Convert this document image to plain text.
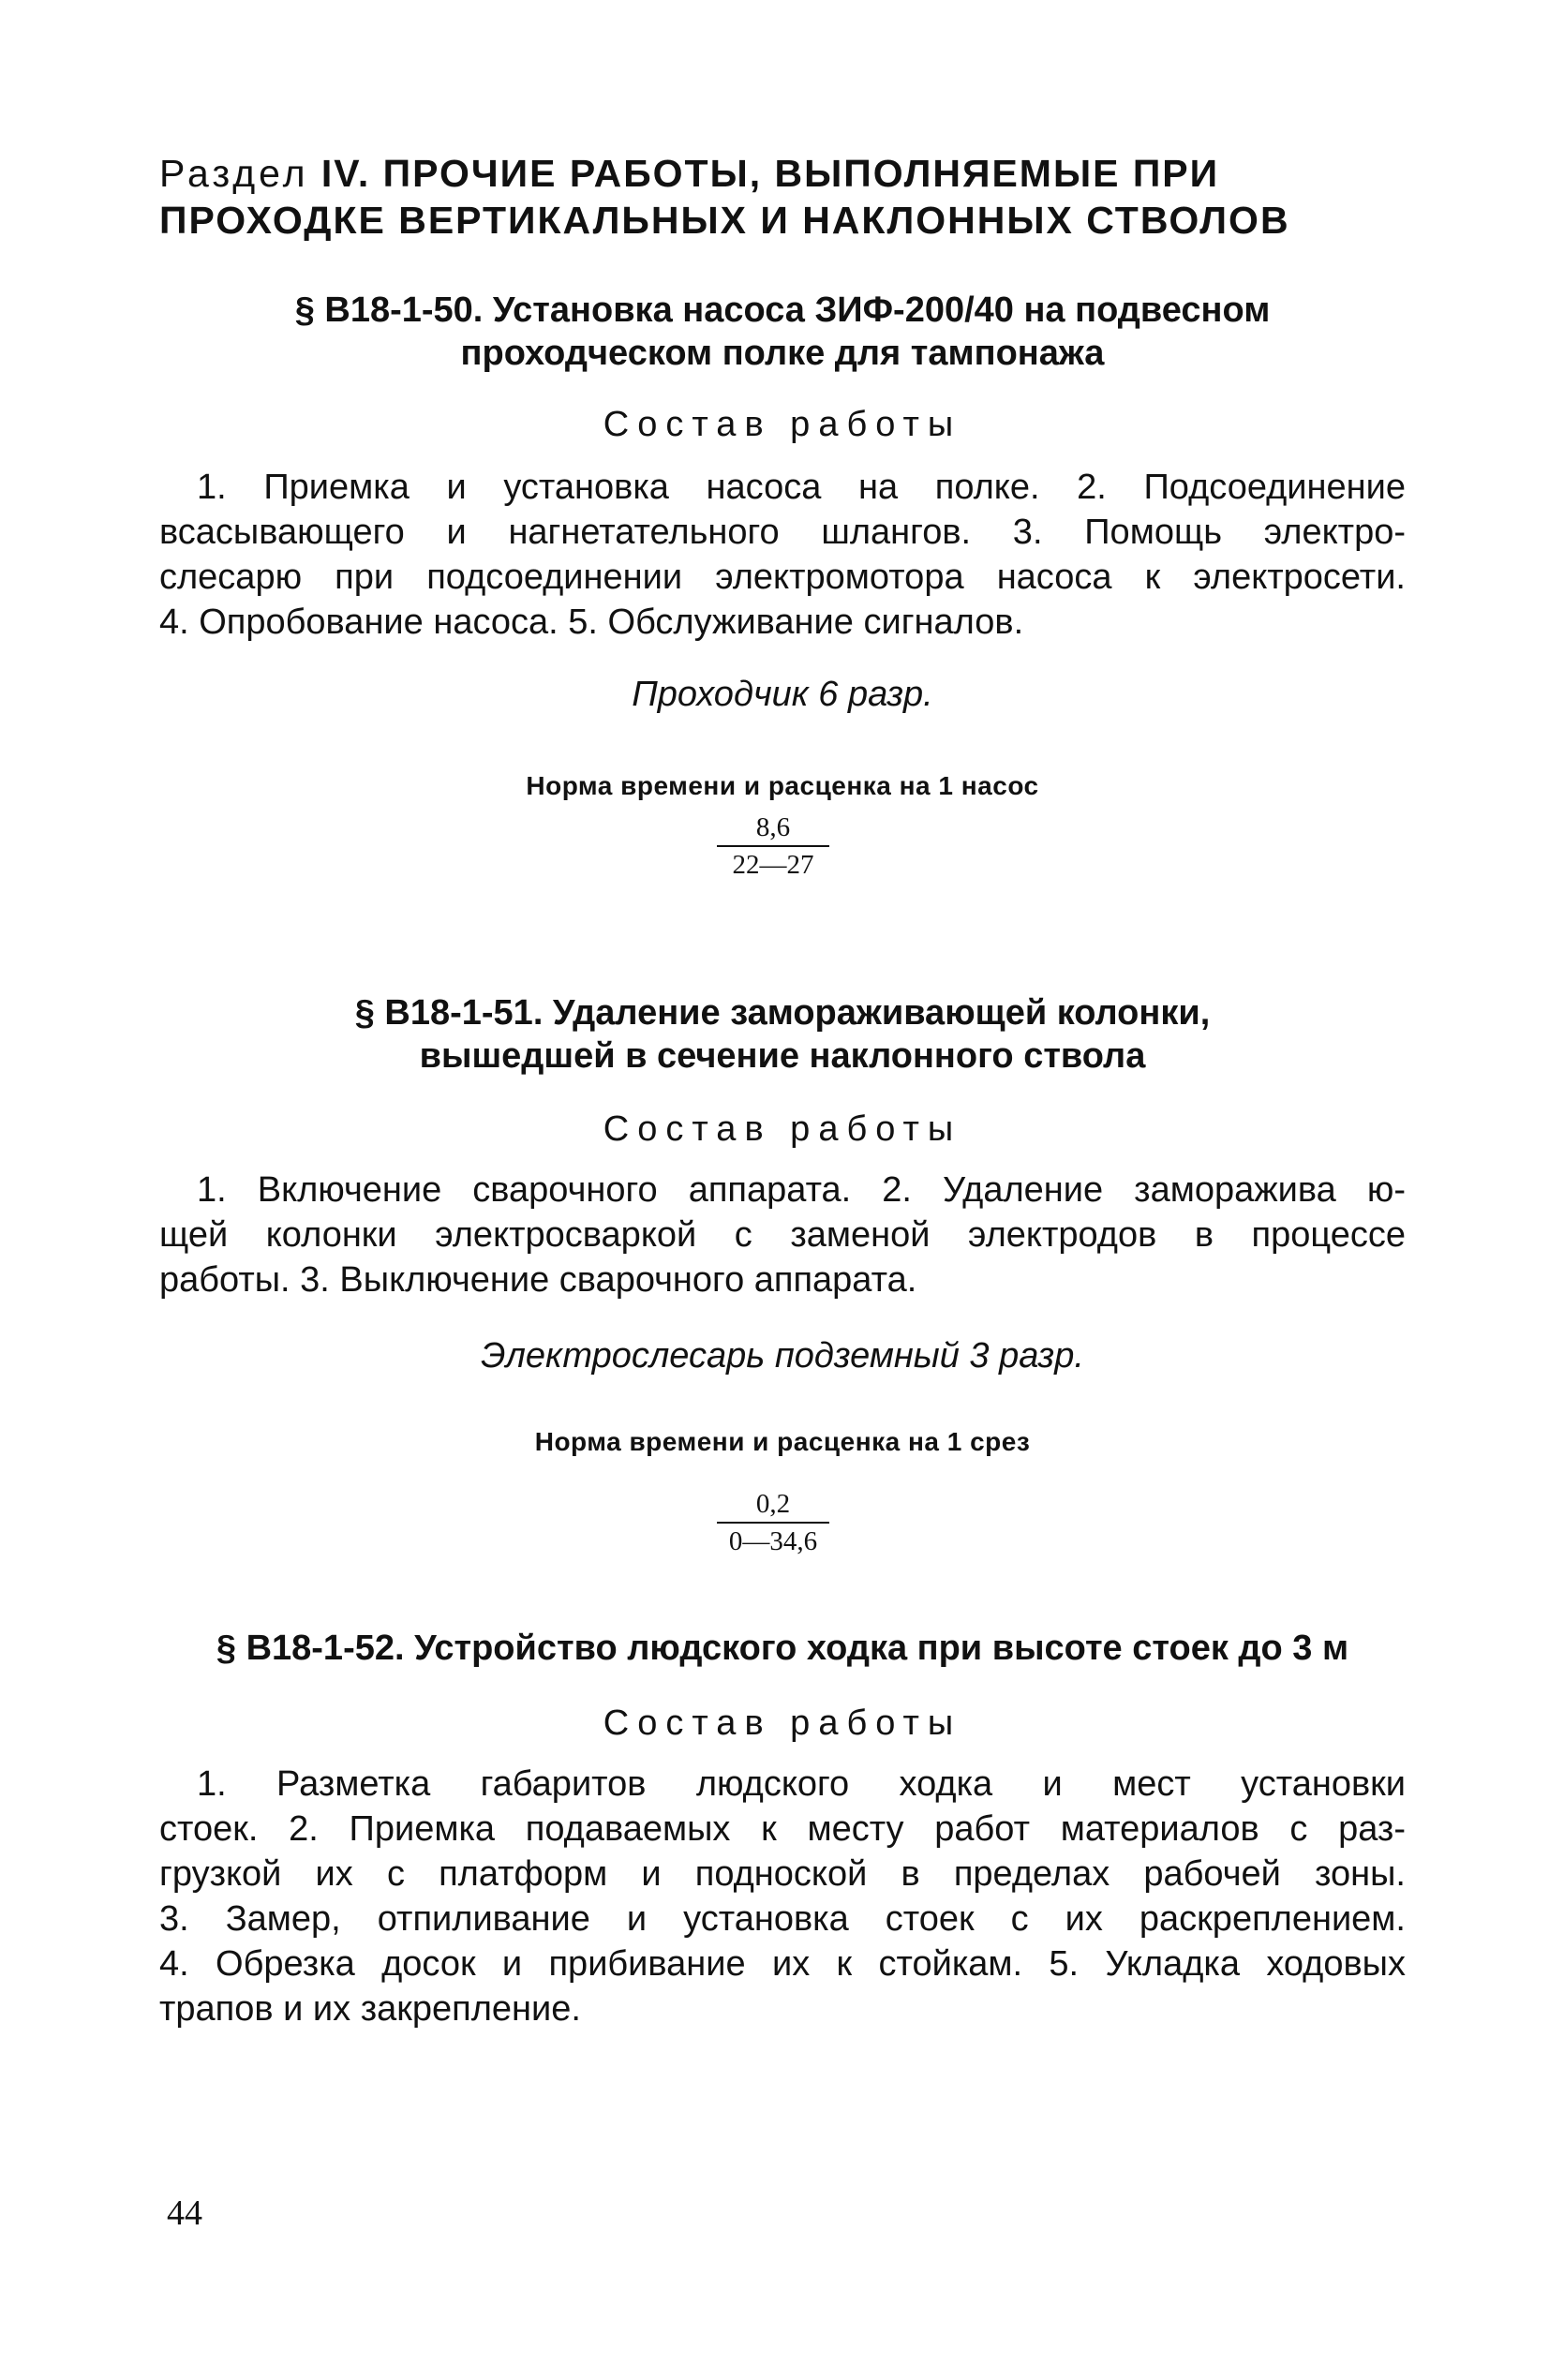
Раздел IV. ПРОЧИЕ РАБОТЫ, ВЫПОЛНЯЕМЫЕ ПРИ
ПРОХОДКЕ ВЕРТИКАЛЬНЫХ И НАКЛОННЫХ СТВОЛОВ
§ В18-1-50. Установка насоса ЗИФ-200/40 на подвесном
проходческом полке для тампонажа
Состав работы
1. Приемка и установка насоса на полке. 2. Подсоединение
всасывающего и нагнетательного шлангов. 3. Помощь электро-
слесарю при подсоединении электромотора насоса к электросети.
4. Опробование насоса. 5. Обслуживание сигналов.
Проходчик 6 разр.
Норма времени и расценка на 1 насос
$\frac{8,6}{22—27}$
§ В18-1-51. Удаление замораживающей колонки,
вышедшей в сечение наклонного ствола
Состав работы
1. Включение сварочного аппарата. 2. Удаление заморажива ю-
щей колонки электросваркой с заменой электродов в процессе
работы. 3. Выключение сварочного аппарата.
Электрослесарь подземный 3 разр.
Норма времени и расценка на 1 срез
$\frac{0,2}{0—34,6}$
§ В18-1-52. Устройство людского ходка при высоте стоек до 3 м
Состав работы
1. Разметка габаритов людского ходка и мест установки
стоек. 2. Приемка подаваемых к месту работ материалов с раз-
грузкой их с платформ и подноской в пределах рабочей зоны.
3. Замер, отпиливание и установка стоек с их раскреплением.
4. Обрезка досок и прибивание их к стойкам. 5. Укладка ходовых
трапов и их закрепление.
44
